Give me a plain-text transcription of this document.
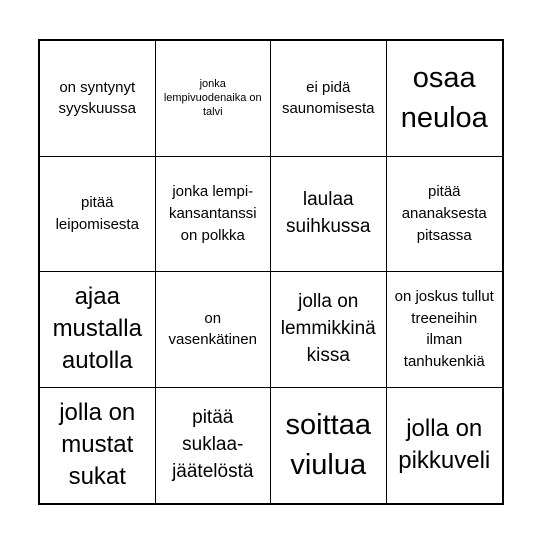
on syntynyt syyskuussa
jonka lempivuodenaika on talvi
ei pidä saunomisesta
osaa neuloa
pitää leipomisesta
jonka lempi-kansantanssi on polkka
laulaa suihkussa
pitää ananaksesta pitsassa
ajaa mustalla autolla
on vasenkätinen
jolla on lemmikkinä kissa
on joskus tullut treeneihin ilman tanhukenkiä
jolla on mustat sukat
pitää suklaa-jäätelöstä
soittaa viulua
jolla on pikkuveli
